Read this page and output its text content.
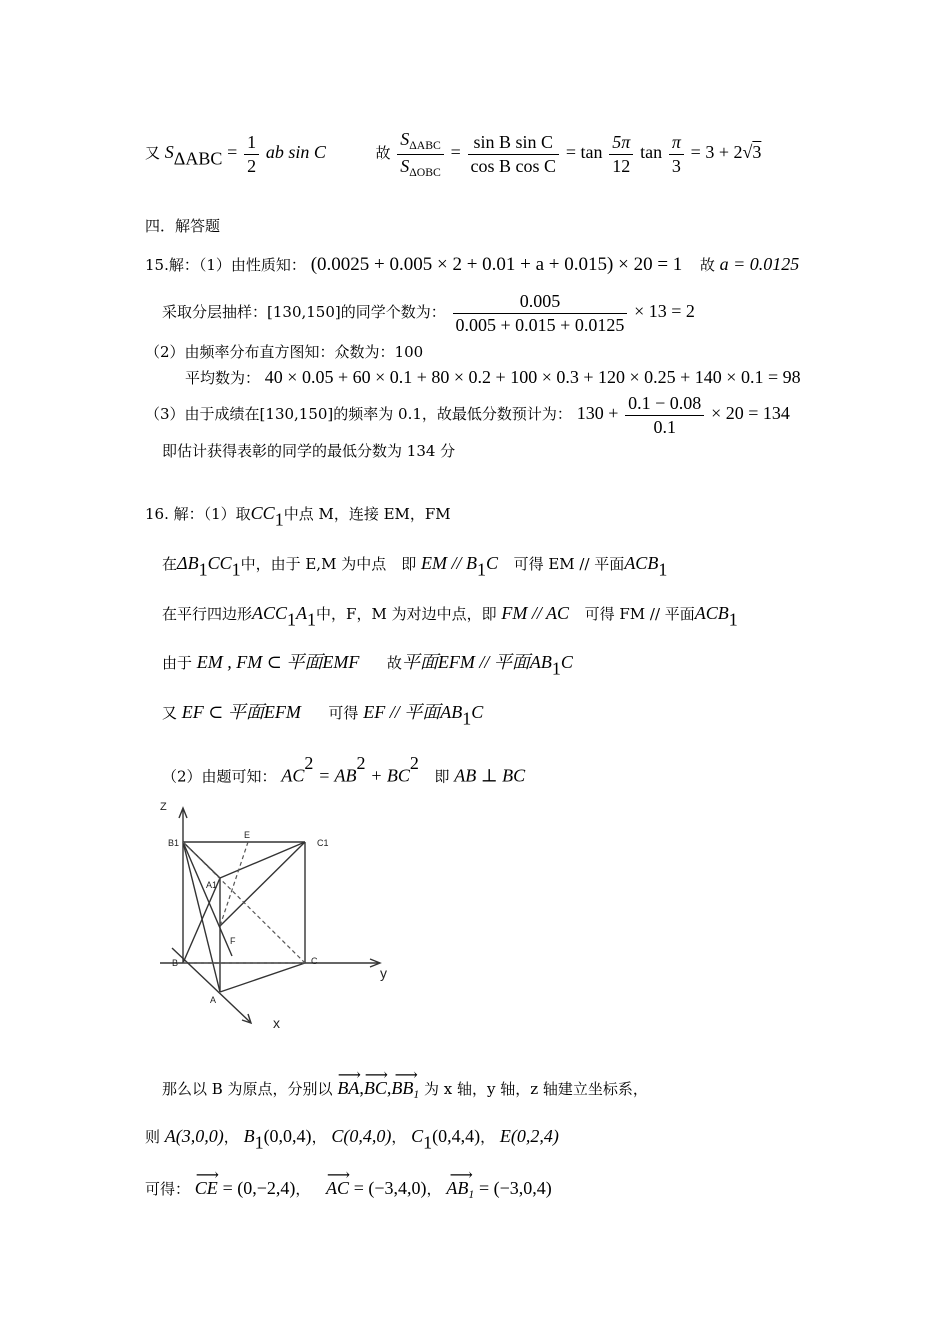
又 $S_{\Delta ABC} = \frac{1}{2}$ ab sin C	故 $\frac{S_{\Delta ABC}}{S_{\Delta OBC}} = \frac{\text{sin B sin C}}{\text{cos B cos C}} = \tan \frac{5\pi}{12}$ $\tan \frac{\pi}{3} = 3 + 2√3$
四．解答题
15.解：（1）由性质知： (0.0025 + 0.005 × 2 + 0.01 + a + 0.015) × 20 = 1 故 a = 0.0125
采取分层抽样：[130,150]的同学个数为： $\frac{0.005}{0.005 + 0.015 + 0.0125} \times 13 = 2$
（2）由频率分布直方图知：众数为：100
平均数为： 40 × 0.05 + 60 × 0.1 + 80 × 0.2 + 100 × 0.3 + 120 × 0.25 + 140 × 0.1 = 98
（3）由于成绩在[130,150]的频率为 0.1，故最低分数预计为： $130 + \frac{0.1 - 0.08}{0.1} \times 20 = 134$
即估计获得表彰的同学的最低分数为 134 分
16. 解：（1）取$CC_1$中点 M，连接 EM，FM
在$\Delta B_1CC_1$中，由于 E,M 为中点　即 EM // $B_1C$ 可得 EM // 平面$ACB_1$
在平行四边形$ACC_1A_1$中，F，M 为对边中点，即 FM // AC 可得 FM // 平面$ACB_1$
由于 EM , FM ⊂ 平面EMF 故平面EFM // 平面$AB_1C$
又 EF ⊂ 平面EFM 可得 EF // 平面$AB_1C$
（2）由题可知： $AC^2 = AB^2 + BC^2$  即 AB ⊥ BC
Z
y
x
B1
E
C1
A1
F
B	C
A
那么以 B 为原点，分别以 ⟶ BA,⟶ BC,⟶ $BB_1$ 为 x 轴，y 轴，z 轴建立坐标系，
则 A(3,0,0)， $B_1(0,0,4)$， C(0,4,0)， $C_1(0,4,4)$， E(0,2,4)
可得： ⟶ CE = (0,−2,4)，  ⟶ AC = (−3,4,0)， ⟶ $AB_1 = (-3,0,4)$
